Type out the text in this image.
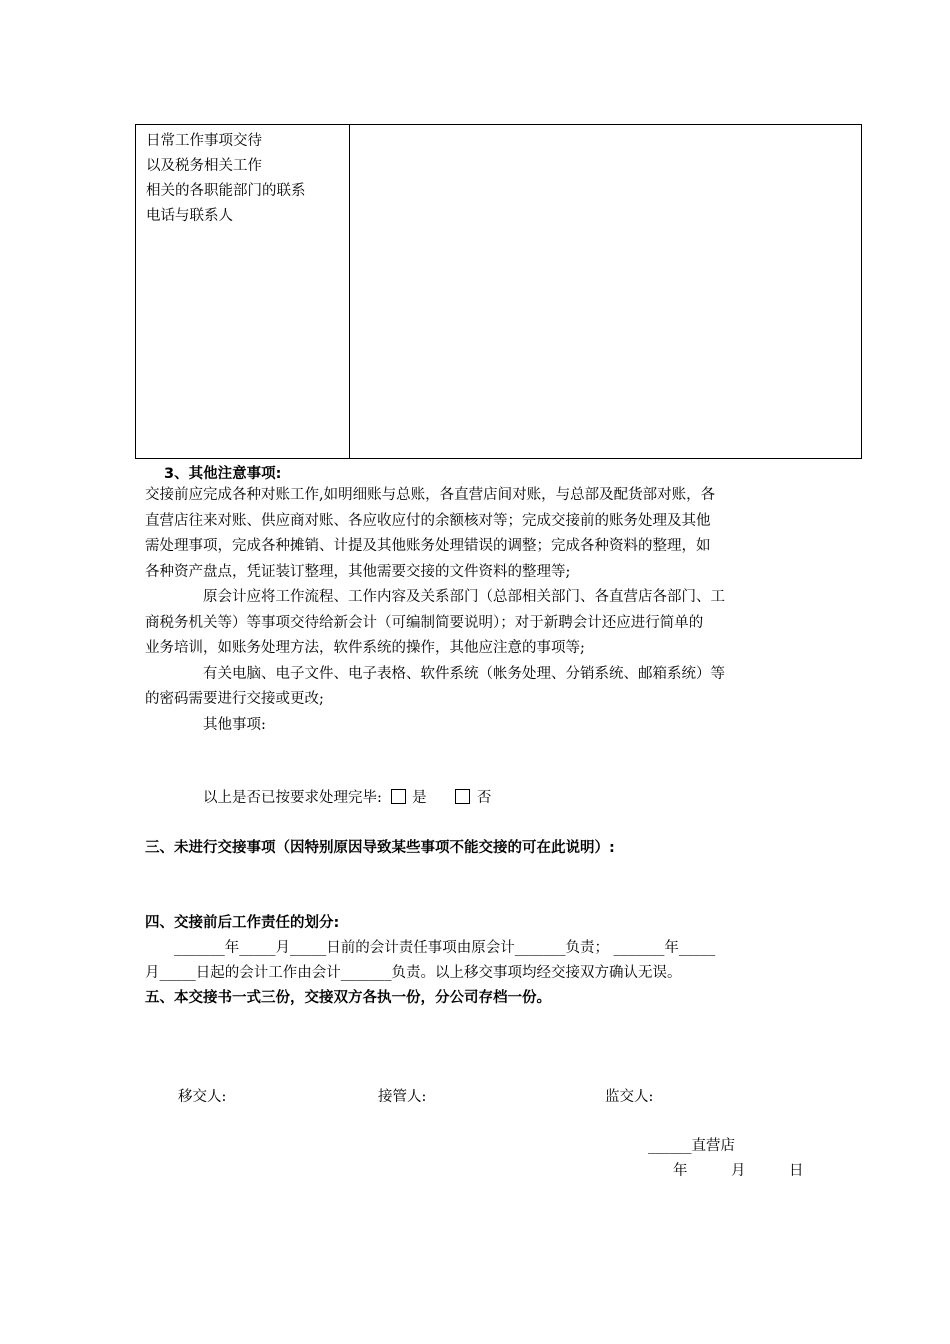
日常工作事项交待
以及税务相关工作
相关的各职能部门的联系
电话与联系人
3、其他注意事项:
交接前应完成各种对账工作,如明细账与总账，各直营店间对账，与总部及配货部对账，各
直营店往来对账、供应商对账、各应收应付的余额核对等；完成交接前的账务处理及其他
需处理事项，完成各种摊销、计提及其他账务处理错误的调整；完成各种资料的整理，如
各种资产盘点，凭证装订整理，其他需要交接的文件资料的整理等;
　　　　原会计应将工作流程、工作内容及关系部门（总部相关部门、各直营店各部门、工
商税务机关等）等事项交待给新会计（可编制简要说明）；对于新聘会计还应进行简单的
业务培训，如账务处理方法，软件系统的操作，其他应注意的事项等;
　　　　有关电脑、电子文件、电子表格、软件系统（帐务处理、分销系统、邮箱系统）等
的密码需要进行交接或更改;
　　　　其他事项:
以上是否已按要求处理完毕: 是	否
三、未进行交接事项（因特别原因导致某些事项不能交接的可在此说明）:
四、交接前后工作责任的划分:
　　_______年_____月_____日前的会计责任事项由原会计_______负责； _______年_____
月_____日起的会计工作由会计_______负责。以上移交事项均经交接双方确认无误。
五、本交接书一式三份，交接双方各执一份，分公司存档一份。
移交人:	接管人:	监交人:
______直营店
年　　　月　　　日
